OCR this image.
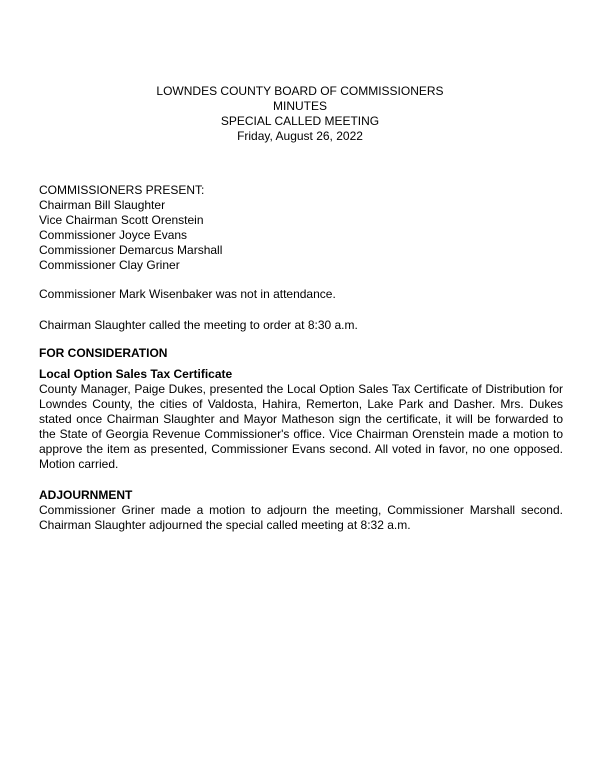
LOWNDES COUNTY BOARD OF COMMISSIONERS
MINUTES
SPECIAL CALLED MEETING
Friday, August 26, 2022
COMMISSIONERS PRESENT:
Chairman Bill Slaughter
Vice Chairman Scott Orenstein
Commissioner Joyce Evans
Commissioner Demarcus Marshall
Commissioner Clay Griner
Commissioner Mark Wisenbaker was not in attendance.
Chairman Slaughter called the meeting to order at 8:30 a.m.
FOR CONSIDERATION
Local Option Sales Tax Certificate
County Manager, Paige Dukes, presented the Local Option Sales Tax Certificate of Distribution for Lowndes County, the cities of Valdosta, Hahira, Remerton, Lake Park and Dasher. Mrs. Dukes stated once Chairman Slaughter and Mayor Matheson sign the certificate, it will be forwarded to the State of Georgia Revenue Commissioner's office. Vice Chairman Orenstein made a motion to approve the item as presented, Commissioner Evans second. All voted in favor, no one opposed. Motion carried.
ADJOURNMENT
Commissioner Griner made a motion to adjourn the meeting, Commissioner Marshall second. Chairman Slaughter adjourned the special called meeting at 8:32 a.m.
